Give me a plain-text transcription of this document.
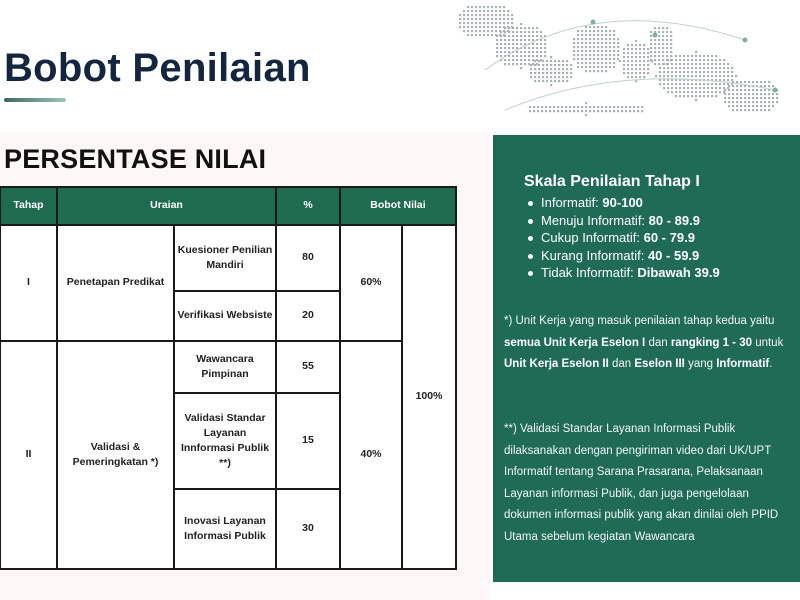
Bobot Penilaian
PERSENTASE NILAI
Tahap	Uraian		%	Bobot Nilai	
I	Penetapan Predikat	Kuesioner Penilian Mandiri	80	60%	100%
		Verifikasi Websiste	20		
II	Validasi & Pemeringkatan *)	Wawancara Pimpinan	55	40%	
		Validasi Standar Layanan Innformasi Publik **)	15		
		Inovasi Layanan Informasi Publik	30		
Skala Penilaian Tahap I
Informatif: 90-100
Menuju Informatif: 80 - 89.9
Cukup Informatif: 60 - 79.9
Kurang Informatif: 40 - 59.9
Tidak Informatif: Dibawah 39.9
*) Unit Kerja yang masuk penilaian tahap kedua yaitu semua Unit Kerja Eselon I dan rangking 1 - 30 untuk Unit Kerja Eselon II dan Eselon III yang Informatif.
**) Validasi Standar Layanan Informasi Publik dilaksanakan dengan pengiriman video dari UK/UPT Informatif tentang Sarana Prasarana, Pelaksanaan Layanan informasi Publik, dan juga pengelolaan dokumen informasi publik yang akan dinilai oleh PPID Utama sebelum kegiatan Wawancara
